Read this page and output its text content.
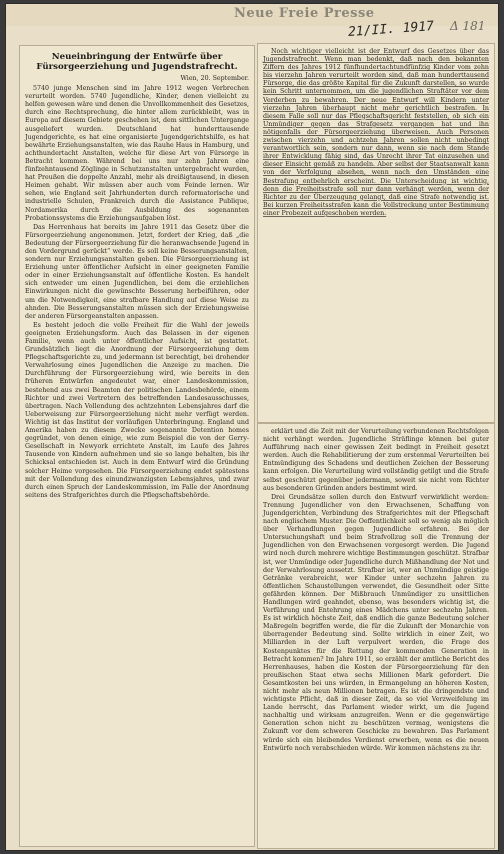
Neue Freie Presse
21/II. 1917 Δ 181
Neueinbringung der Entwürfe über Fürsorgeerziehung und Jugendstrafrecht.
Wien, 20. September.

5740 junge Menschen sind im Jahre 1912 wegen Verbrechen verurteilt worden. 5740 Jugendliche, Kinder, denen vielleicht zu helfen gewesen wäre und denen die Unvollkommenheit des Gesetzes, durch eine Rechtsprechung, die hinter allem zurückbleibt, was in Europa auf diesem Gebiete geschehen ist, dem sittlichen Untergange ausgeliefert wurden. Deutschland hat hunderttausende Jugendgerichte, es hat eine organisierte Jugendgerichtshilfe, es hat bewährte Erziehungsanstalten, wie das Rauhe Haus in Hamburg, und achthundertacht Anstalten, welche für diese Art von Fürsorge in Betracht kommen. Während bei uns nur zehn Jahren eine fünfzehntausend Zöglinge in Schutzanstalten untergebracht wurden, hat Preußen die doppelte Anzahl, mehr als dreißigtausend, in diesen Heimen gehabt. Wir müssen aber auch vom Feinde lernen. Wir sehen, wie England seit Jahrhunderten durch reformatorische und industrielle Schulen, Frankreich durch die Assistance Publique, Nordamerika durch die Ausbildung des sogenannten Probationssystems die Erziehungsaufgaben löst.

Das Herrenhaus hat bereits im Jahre 1911 das Gesetz über die Fürsorgeerziehung angenommen. Jetzt, fordert der Krieg, daß „die Bedeutung der Fürsorgeerziehung für die heranwachsende Jugend in den Vordergrund gerückt“ werde. Es soll keine Besserungsanstalten, sondern nur Erziehungsanstalten geben. Die Fürsorgeerziehung ist Erziehung unter öffentlicher Aufsicht in einer geeigneten Familie oder in einer Erziehungsanstalt auf öffentliche Kosten. Es handelt sich entweder um einen Jugendlichen, bei dem die erziehlichen Einwirkungen nicht die gewünschte Besserung herbeiführen, oder um die Notwendigkeit, eine strafbare Handlung auf diese Weise zu ahnden. Die Besserungsanstalten müssen sich der Erziehungsweise der anderen Fürsorgeanstalten anpassen.

Es besteht jedoch die volle Freiheit für die Wahl der jeweils geeigneten Erziehungsform. Auch das Belassen in der eigenen Familie, wenn auch unter öffentlicher Aufsicht, ist gestattet. Grundsätzlich liegt die Anordnung der Fürsorgeerziehung dem Pflegschaftsgerichte zu, und jedermann ist berechtigt, bei drohender Verwahrlosung eines Jugendlichen die Anzeige zu machen. Die Durchführung der Fürsorgeerziehung wird, wie bereits in den früheren Entwürfen angedeutet war, einer Landeskommission, bestehend aus zwei Beamten der politischen Landesbehörde, einem Richter und zwei Vertretern des betreffenden Landesausschusses, übertragen. Nach Vollendung des achtzehnten Lebensjahres darf die Ueberweisung zur Fürsorgeerziehung nicht mehr verfügt werden. Wichtig ist das Institut der vorläufigen Unterbringung. England und Amerika haben zu diesem Zwecke sogenannte Detention homes gegründet, von denen einige, wie zum Beispiel die von der Gerry-Gesellschaft in Newyork errichtete Anstalt, im Laufe des Jahres Tausende von Kindern aufnehmen und sie so lange behalten, bis ihr Schicksal entschieden ist. Auch in dem Entwurf wird die Gründung solcher Heime vorgesehen. Die Fürsorgeerziehung endet spätestens mit der Vollendung des einundzwanzigsten Lebensjahres, und zwar durch einen Spruch der Landeskommission, im Falle der Anordnung seitens des Strafgerichtes durch die Pflegschaftsbehörde.

Noch wichtiger vielleicht ist der Entwurf des Gesetzes über das Jugendstrafrecht. Wenn man bedenkt, daß nach den bekannten Ziffern des Jahres 1912 fünfhundertachtundfünfzig Kinder vom zehn bis vierzehn Jahren verurteilt worden sind, daß man hunderttausend Fürsorge, die das größte Kapital für die Zukunft darstellen, so wurde kein Schritt unternommen, um die jugendlichen Straftäter vor dem Verderben zu bewahren. Der neue Entwurf will Kindern unter vierzehn Jahren überhaupt nicht mehr gerichtlich bestrafen. In diesem Falle soll nur das Pflegschaftsgericht feststellen, ob sich ein Unmündiger gegen das Strafgesetz vergangen hat und ihn nötigenfalls der Fürsorgeerziehung überweisen. Auch Personen zwischen vierzehn und achtzehn Jahren sollen nicht unbedingt verantwortlich sein, sondern nur dann, wenn sie nach dem Stande ihrer Entwicklung fähig sind, das Unrecht ihrer Tat einzusehen und dieser Einsicht gemäß zu handeln. Aber selbst der Staatsanwalt kann von der Verfolgung absehen, wenn nach den Umständen eine Bestrafung entbehrlich erscheint. Die Unterscheidung ist wichtig, denn die Freiheitsstrafe soll nur dann verhängt werden, wenn der Richter zu der Überzeugung gelangt, daß eine Strafe notwendig ist. Bei kurzen Freiheitsstrafen kann die Vollstreckung unter Bestimmung einer Probezeit aufgeschoben werden.

erklärt und die Zeit mit der Verurteilung verbundenen Rechtsfolgen nicht verhängt werden. Jugendliche Sträflinge können bei guter Aufführung nach einer gewissen Zeit bedingt in Freiheit gesetzt werden. Auch die Rehabilitierung der zum erstenmal Verurteilten bei Entmündigung des Schadens und deutlichen Zeichen der Besserung kann erfolgen. Die Verurteilung wird vollständig getilgt und die Strafe selbst geschützt gegenüber jedermann, soweit sie nicht vom Richter aus besonderen Gründen anders bestimmt wird.

Drei Grundsätze sollen durch den Entwurf verwirklicht werden: Trennung Jugendlicher von den Erwachsenen, Schaffung von Jugendgerichten, Verbindung des Strafgerichtes mit der Pflegschaft nach englischem Muster. Die Oeffentlichkeit soll so wenig als möglich über Verhandlungen gegen Jugendliche erfahren. Bei der Untersuchungshaft und beim Strafvollzug soll die Trennung der Jugendlichen von den Erwachsenen vorgesorgt werden. Die Jugend wird noch durch mehrere wichtige Bestimmungen geschützt. Strafbar ist, wer Unmündige oder Jugendliche durch Mißhandlung der Not und der Verwahrlosung aussetzt. Strafbar ist, wer an Unmündige geistige Getränke verabreicht, wer Kinder unter sechzehn Jahren zu öffentlichen Schaustellungen verwendet, die Gesundheit oder Sitte gefährden können. Der Mißbrauch Unmündiger zu unsittlichen Handlungen wird geahndet, ebenso, was besonders wichtig ist, die Verführung und Entehrung eines Mädchens unter sechzehn Jahren. Es ist wirklich höchste Zeit, daß endlich die ganze Bedeutung solcher Maßregeln begriffen werde, die für die Zukunft der Monarchie von überragender Bedeutung sind. Sollte wirklich in einer Zeit, wo Milliarden in der Luft verpulvert werden, die Frage des Kostenpunktes für die Rettung der kommenden Generation in Betracht kommen? Im Jahre 1911, so erzählt der amtliche Bericht des Herrenhauses, haben die Kosten der Fürsorgeerziehung für den preußischen Staat etwa sechs Millionen Mark gefordert. Die Gesamtkosten bei uns würden, in Ermangelung an höheren Kosten, nicht mehr als neun Millionen betragen. Es ist die dringendste und wichtigste Pflicht, daß in dieser Zeit, da so viel Verzweifelung im Lande herrscht, das Parlament wieder wirkt, um die Jugend nachhaltig und wirksam anzugreifen. Wenn er die gegenwärtige Generation schon nicht zu beschützen vermag, wenigstens die Zukunft vor dem schweren Geschicke zu bewahren. Das Parlament würde sich ein bleibendes Verdienst erwerben, wenn es die neuen Entwürfe noch verabschieden würde. Wir kommen nächstens zu ihr.
